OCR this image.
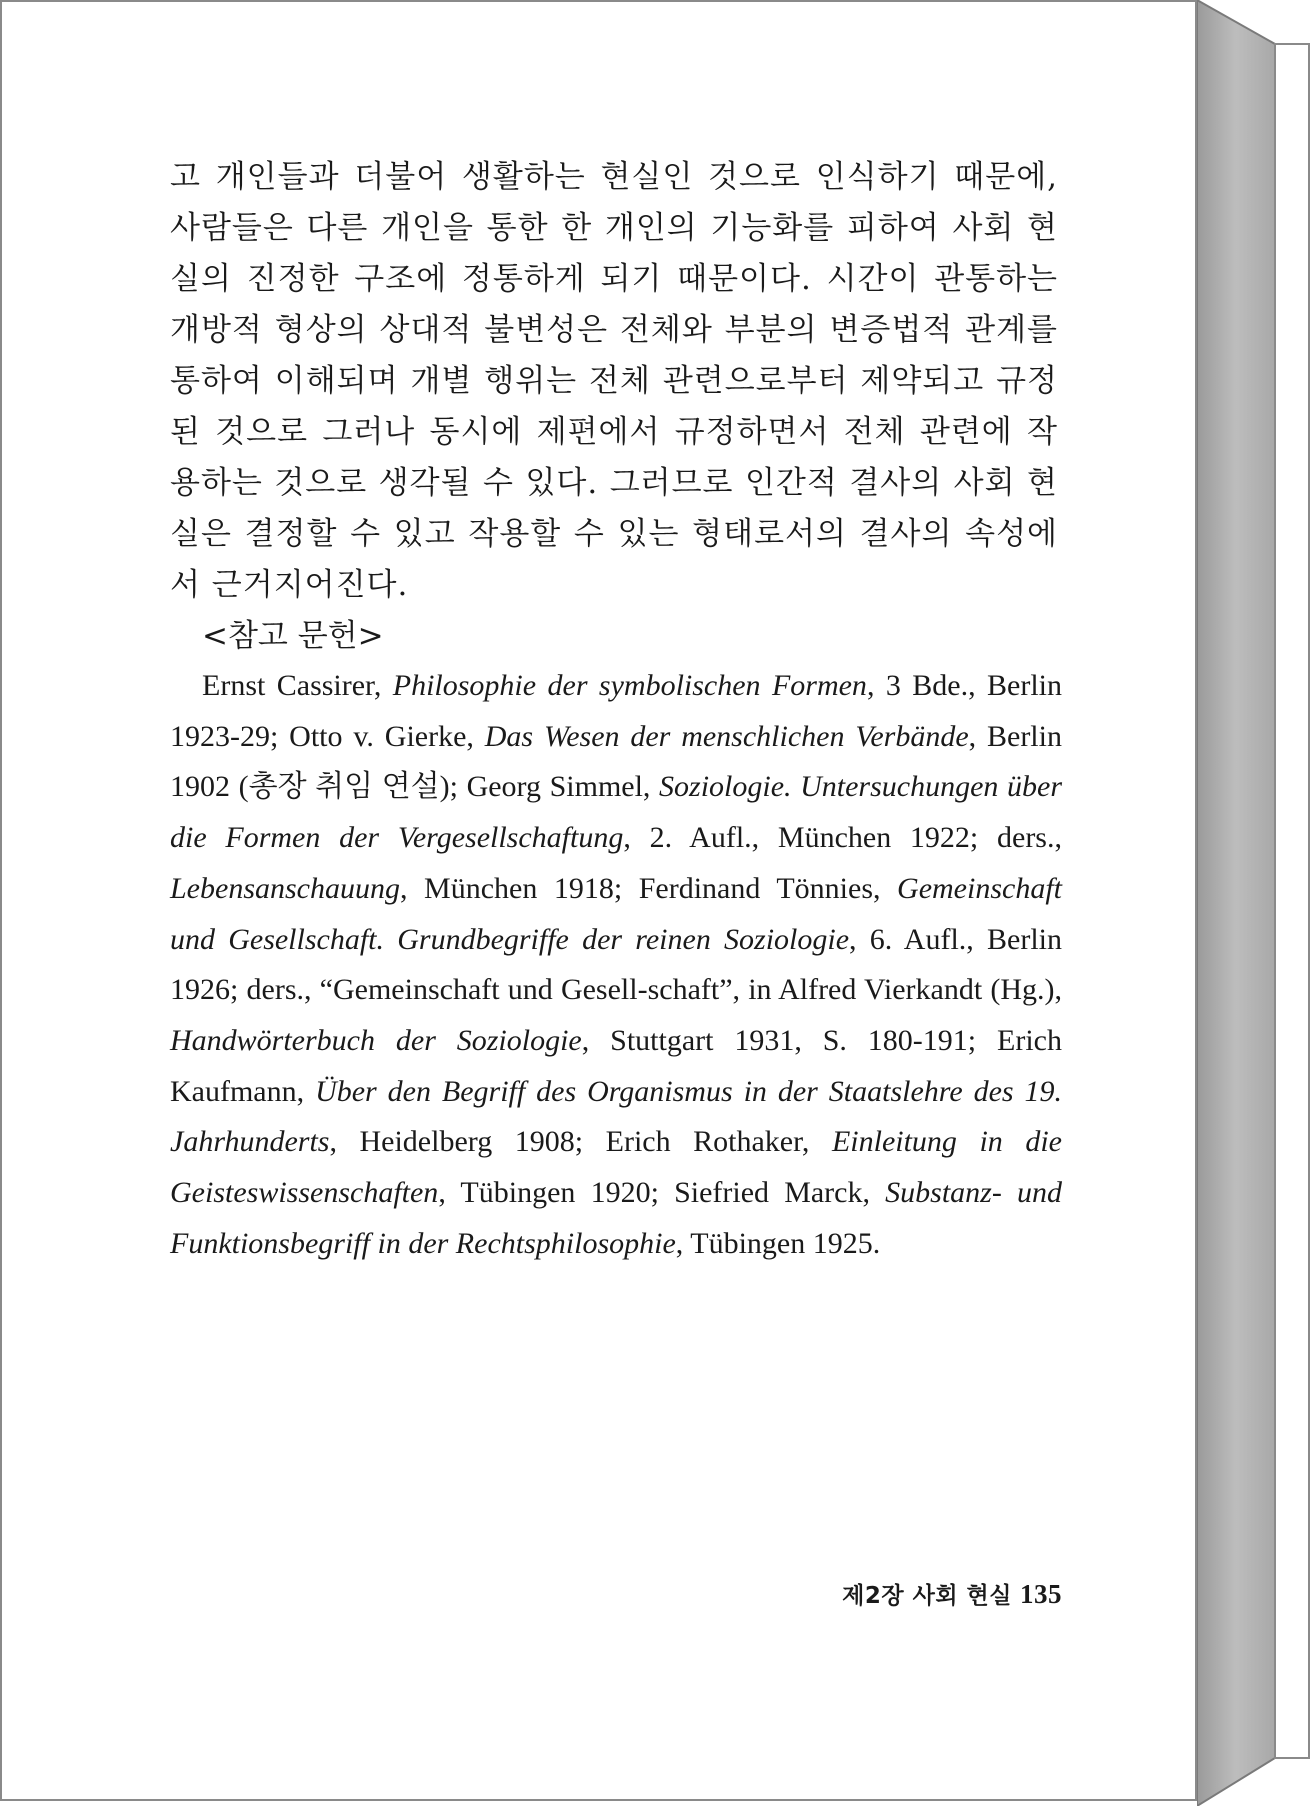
고 개인들과 더불어 생활하는 현실인 것으로 인식하기 때문에, 사람들은 다른 개인을 통한 한 개인의 기능화를 피하여 사회 현실의 진정한 구조에 정통하게 되기 때문이다. 시간이 관통하는 개방적 형상의 상대적 불변성은 전체와 부분의 변증법적 관계를 통하여 이해되며 개별 행위는 전체 관련으로부터 제약되고 규정된 것으로 그러나 동시에 제편에서 규정하면서 전체 관련에 작용하는 것으로 생각될 수 있다. 그러므로 인간적 결사의 사회 현실은 결정할 수 있고 작용할 수 있는 형태로서의 결사의 속성에서 근거지어진다.

<참고 문헌>

Ernst Cassirer, Philosophie der symbolischen Formen, 3 Bde., Berlin 1923-29; Otto v. Gierke, Das Wesen der menschlichen Verbände, Berlin 1902 (총장 취임 연설); Georg Simmel, Soziologie. Untersuchungen über die Formen der Vergesellschaftung, 2. Aufl., München 1922; ders., Lebensanschauung, München 1918; Ferdinand Tönnies, Gemeinschaft und Gesellschaft. Grundbegriffe der reinen Soziologie, 6. Aufl., Berlin 1926; ders., “Gemeinschaft und Gesell-schaft”, in Alfred Vierkandt (Hg.), Handwörterbuch der Soziologie, Stuttgart 1931, S. 180-191; Erich Kaufmann, Über den Begriff des Organismus in der Staatslehre des 19. Jahrhunderts, Heidelberg 1908; Erich Rothaker, Einleitung in die Geisteswissenschaften, Tübingen 1920; Siefried Marck, Substanz- und Funktionsbegriff in der Rechtsphilosophie, Tübingen 1925.

제2장 사회 현실 135
